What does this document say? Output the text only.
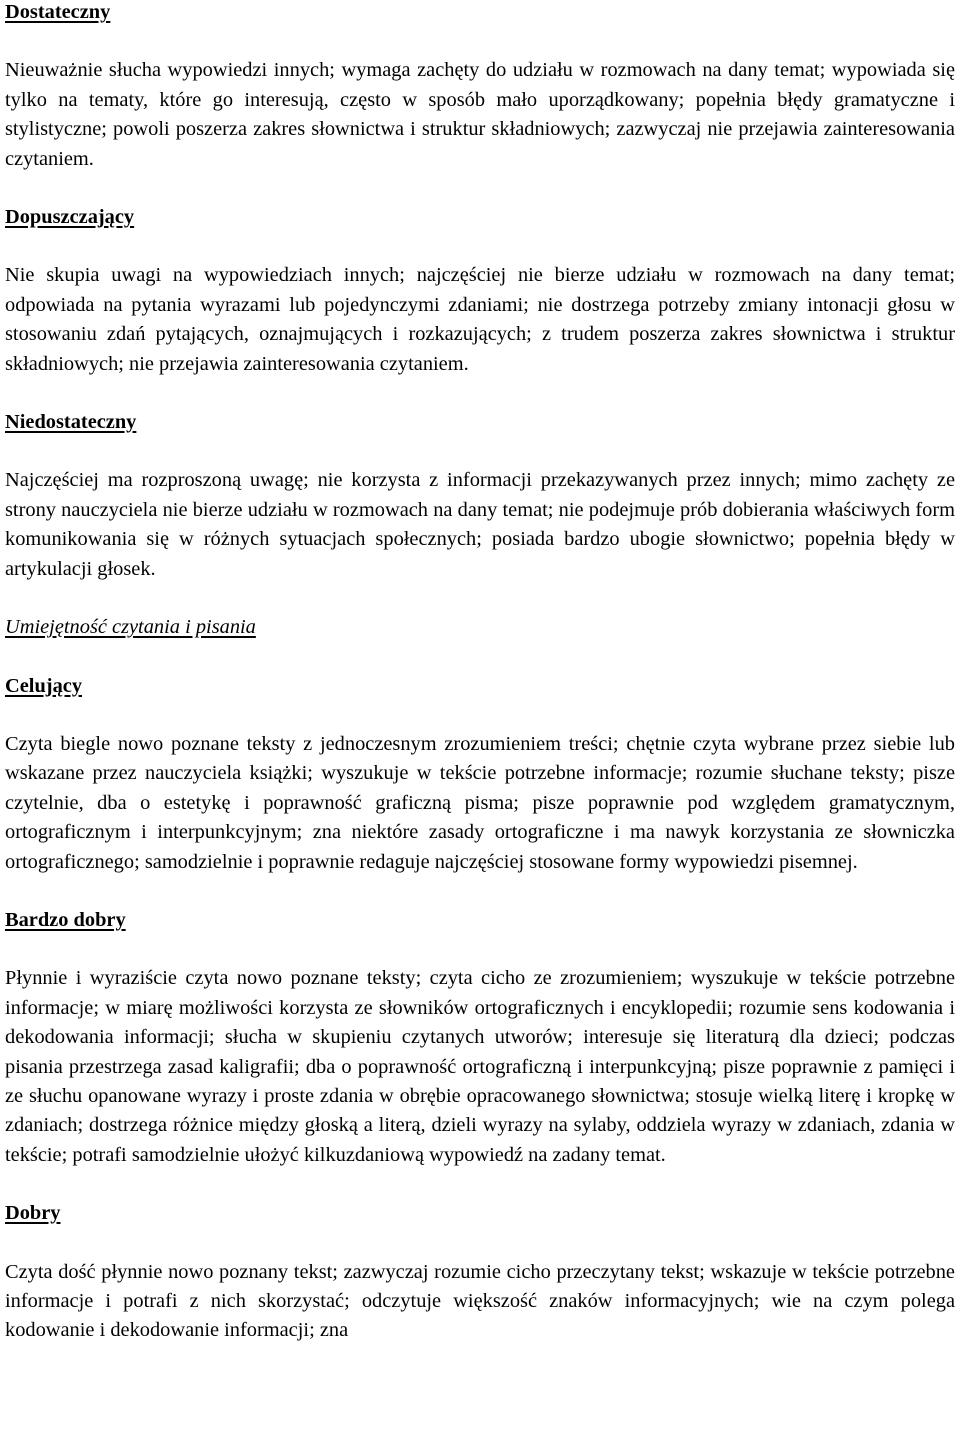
Dostateczny

Nieuważnie słucha wypowiedzi innych; wymaga zachęty do udziału w rozmowach na dany temat; wypowiada się tylko na tematy, które go interesują, często w sposób mało uporządkowany; popełnia błędy gramatyczne i stylistyczne; powoli poszerza zakres słownictwa i struktur składniowych; zazwyczaj nie przejawia zainteresowania czytaniem.

Dopuszczający

Nie skupia uwagi na wypowiedziach innych; najczęściej nie bierze udziału w rozmowach na dany temat; odpowiada na pytania wyrazami lub pojedynczymi zdaniami; nie dostrzega potrzeby zmiany intonacji głosu w stosowaniu zdań pytających, oznajmujących i rozkazujących; z trudem poszerza zakres słownictwa i struktur składniowych; nie przejawia zainteresowania czytaniem.

Niedostateczny

Najczęściej ma rozproszoną uwagę; nie korzysta z informacji przekazywanych przez innych; mimo zachęty ze strony nauczyciela nie bierze udziału w rozmowach na dany temat; nie podejmuje prób dobierania właściwych form komunikowania się w różnych sytuacjach społecznych; posiada bardzo ubogie słownictwo; popełnia błędy w artykulacji głosek.

Umiejętność czytania i pisania
Celujący

Czyta biegle nowo poznane teksty z jednoczesnym zrozumieniem treści; chętnie czyta wybrane przez siebie lub wskazane przez nauczyciela książki; wyszukuje w tekście potrzebne informacje; rozumie słuchane teksty; pisze czytelnie, dba o estetykę i poprawność graficzną pisma; pisze poprawnie pod względem gramatycznym, ortograficznym i interpunkcyjnym; zna niektóre zasady ortograficzne i ma nawyk korzystania ze słowniczka ortograficznego; samodzielnie i poprawnie redaguje najczęściej stosowane formy wypowiedzi pisemnej.

Bardzo dobry

Płynnie i wyraziście czyta nowo poznane teksty; czyta cicho ze zrozumieniem; wyszukuje w tekście potrzebne informacje; w miarę możliwości korzysta ze słowników ortograficznych i encyklopedii; rozumie sens kodowania i dekodowania informacji; słucha w skupieniu czytanych utworów; interesuje się literaturą dla dzieci; podczas pisania przestrzega zasad kaligrafii; dba o poprawność ortograficzną i interpunkcyjną; pisze poprawnie z pamięci i ze słuchu opanowane wyrazy i proste zdania w obrębie opracowanego słownictwa; stosuje wielką literę i kropkę w zdaniach; dostrzega różnice między głoską a literą, dzieli wyrazy na sylaby, oddziela wyrazy w zdaniach, zdania w tekście; potrafi samodzielnie ułożyć kilkuzdaniową wypowiedź na zadany temat.

Dobry

Czyta dość płynnie nowo poznany tekst; zazwyczaj rozumie cicho przeczytany tekst; wskazuje w tekście potrzebne informacje i potrafi z nich skorzystać; odczytuje większość znaków informacyjnych; wie na czym polega kodowanie i dekodowanie informacji; zna
